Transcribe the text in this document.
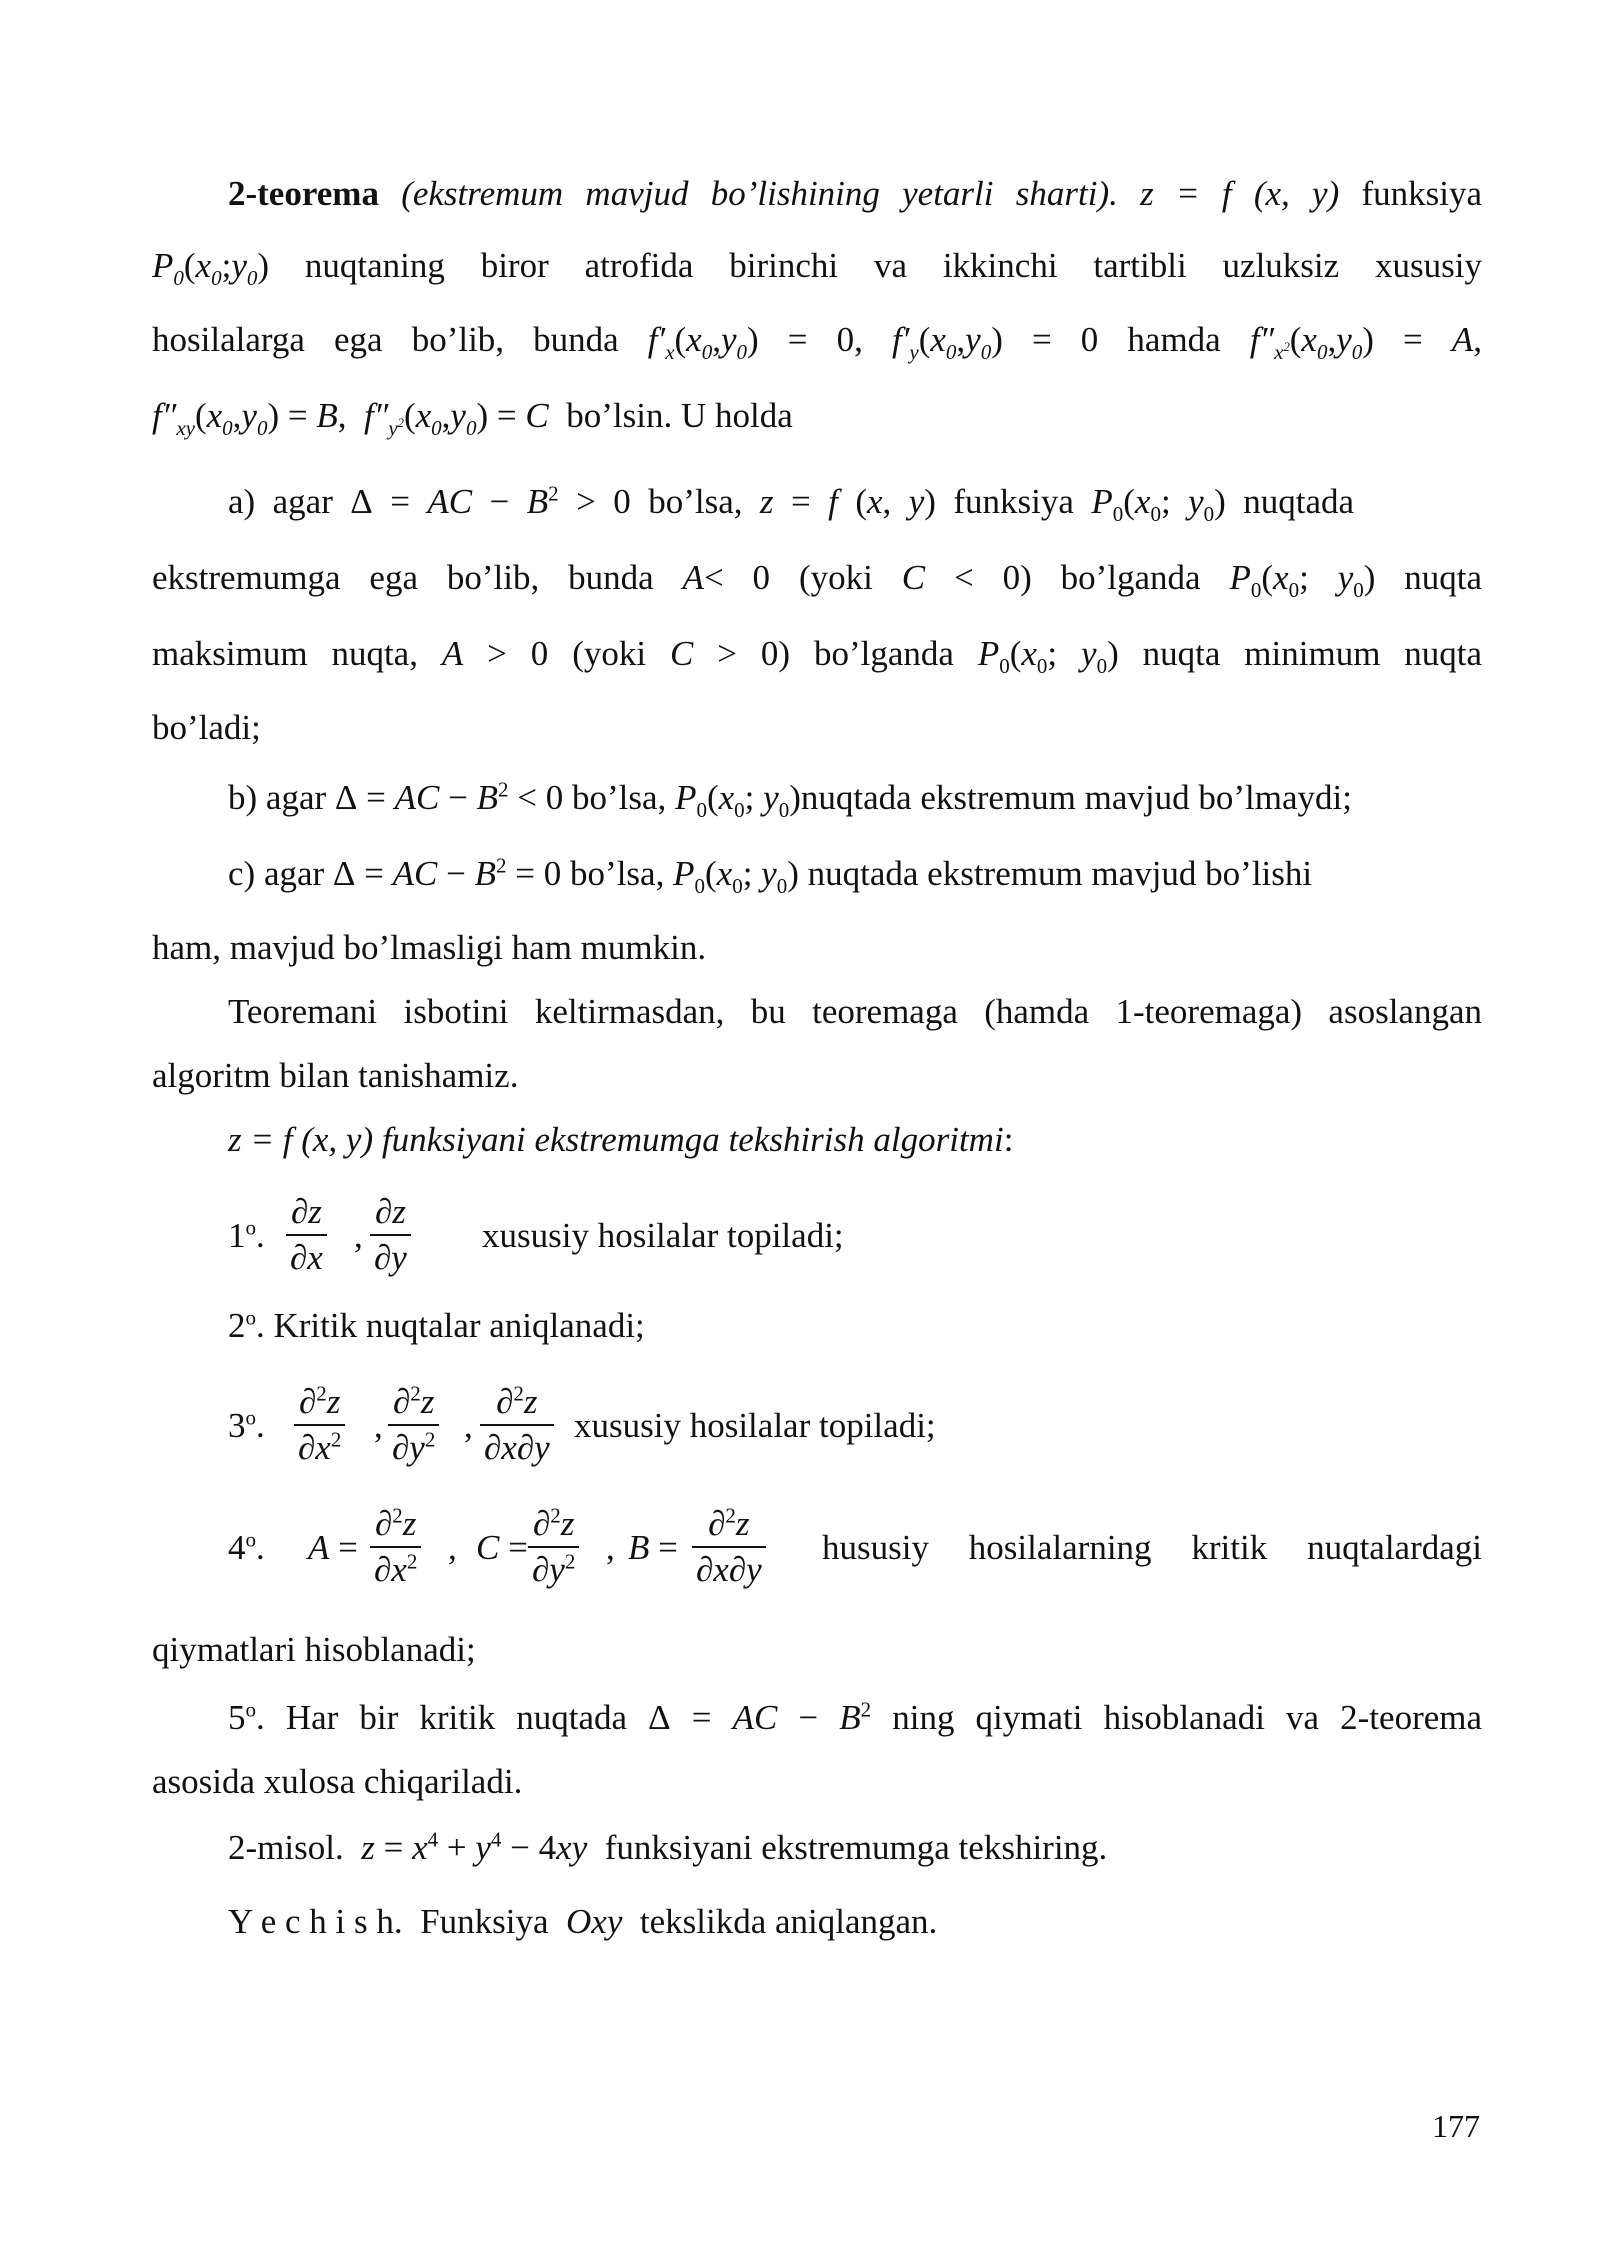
2-teorema (ekstremum mavjud bo’lishining yetarli sharti). z = f (x, y) funksiya
$P_0(x_0;y_0)$ nuqtaning biror atrofida birinchi va ikkinchi tartibli uzluksiz xususiy
hosilalarga ega bo’lib, bunda $f'_x(x_0,y_0) = 0$, $f'_y(x_0,y_0) = 0$ hamda $f''_{x^2}(x_0,y_0) = A$,
$f''_{xy}(x_0,y_0) = B$, $f''_{y^2}(x_0,y_0) = C$ bo’lsin. U holda
a) agar Δ = AC − $B^2 > 0$ bo’lsa, z = f (x, y) funksiya $P_0(x_0$; $y_0$) nuqtada
ekstremumga ega bo’lib, bunda A< 0 (yoki C < 0) bo’lganda $P_0(x_0$; $y_0$) nuqta
maksimum nuqta, A > 0 (yoki C > 0) bo’lganda $P_0(x_0$; $y_0$) nuqta minimum nuqta
bo’ladi;
b) agar Δ = AC − $B^2 < 0$ bo’lsa, $P_0(x_0$; $y_0)nuqtada$ ekstremum mavjud bo’lmaydi;
c) agar Δ = AC − $B^2 = 0$ bo’lsa, $P_0(x_0$; $y_0$) nuqtada ekstremum mavjud bo’lishi
ham, mavjud bo’lmasligi ham mumkin.
Teoremani isbotini keltirmasdan, bu teoremaga (hamda 1-teoremaga) asoslangan
algoritm bilan tanishamiz.
z = f (x, y) funksiyani ekstremumga tekshirish algoritmi:
1$^o$. $\frac{\partial z}{\partial x}$ , $\frac{\partial z}{\partial y}$ xususiy hosilalar topiladi;
2$^o$. Kritik nuqtalar aniqlanadi;
3$^o$. $\frac{\partial^2z}{\partial x^2}$ , $\frac{\partial^2z}{\partial y^2}$ , $\frac{\partial^2z}{\partial x\partial y}$ xususiy hosilalar topiladi;
4$^o$. $A = \frac{\partial^2z}{\partial x^2}$ , $C = \frac{\partial^2z}{\partial y^2}$ , $B = \frac{\partial^2z}{\partial x\partial y}$ hususiy hosilalarning kritik nuqtalardagi
qiymatlari hisoblanadi;
5$^o$. Har bir kritik nuqtada Δ = AC − $B^2$ ning qiymati hisoblanadi va 2-teorema
asosida xulosa chiqariladi.
2-misol. $z = x^4 + y^4 - 4xy$ funksiyani ekstremumga tekshiring.
Y e c h i s h. Funksiya Oxy tekslikda aniqlangan.
177
